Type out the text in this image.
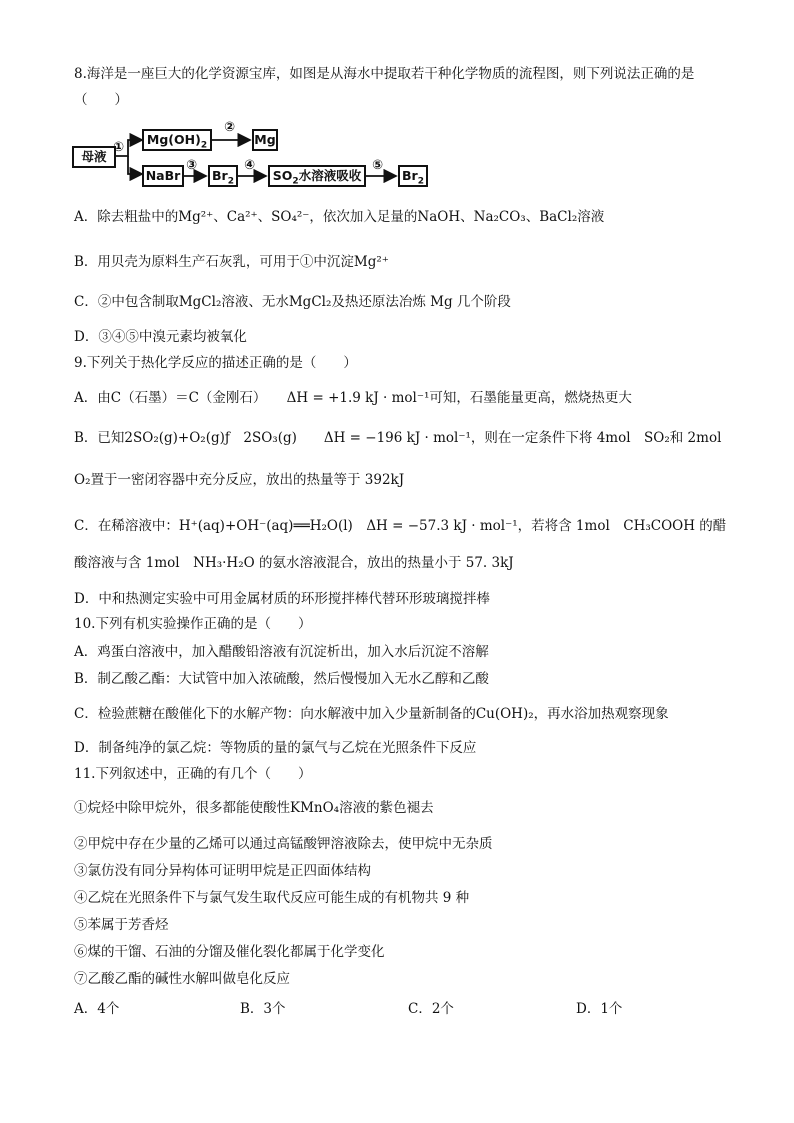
8.海洋是一座巨大的化学资源宝库，如图是从海水中提取若干种化学物质的流程图，则下列说法正确的是
（　　）
母液
$Mg(OH)_2$	Mg
NaBr	$Br_2$	$SO_2$水溶液吸收	$Br_2$
①
②
③	④	⑤
A．除去粗盐中的Mg²⁺、Ca²⁺、SO₄²⁻，依次加入足量的NaOH、Na₂CO₃、BaCl₂溶液
B．用贝壳为原料生产石灰乳，可用于①中沉淀Mg²⁺
C．②中包含制取MgCl₂溶液、无水MgCl₂及热还原法冶炼 Mg 几个阶段
D．③④⑤中溴元素均被氧化
9.下列关于热化学反应的描述正确的是（　　）
A．由C（石墨）＝C（金刚石）　　ΔH = +1.9 kJ · mol⁻¹可知，石墨能量更高，燃烧热更大
B．已知2SO₂(g)+O₂(g)ƒ　2SO₃(g)　　ΔH = −196 kJ · mol⁻¹，则在一定条件下将 4mol　SO₂和 2mol
O₂置于一密闭容器中充分反应，放出的热量等于 392kJ
C．在稀溶液中：H⁺(aq)+OH⁻(aq)══H₂O(l)　ΔH = −57.3 kJ · mol⁻¹，若将含 1mol　CH₃COOH 的醋
酸溶液与含 1mol　NH₃·H₂O 的氨水溶液混合，放出的热量小于 57. 3kJ
D．中和热测定实验中可用金属材质的环形搅拌棒代替环形玻璃搅拌棒
10.下列有机实验操作正确的是（　　）
A．鸡蛋白溶液中，加入醋酸铅溶液有沉淀析出，加入水后沉淀不溶解
B．制乙酸乙酯：大试管中加入浓硫酸，然后慢慢加入无水乙醇和乙酸
C．检验蔗糖在酸催化下的水解产物：向水解液中加入少量新制备的Cu(OH)₂，再水浴加热观察现象
D．制备纯净的氯乙烷：等物质的量的氯气与乙烷在光照条件下反应
11.下列叙述中，正确的有几个（　　）
①烷烃中除甲烷外，很多都能使酸性KMnO₄溶液的紫色褪去
②甲烷中存在少量的乙烯可以通过高锰酸钾溶液除去，使甲烷中无杂质
③氯仿没有同分异构体可证明甲烷是正四面体结构
④乙烷在光照条件下与氯气发生取代反应可能生成的有机物共 9 种
⑤苯属于芳香烃
⑥煤的干馏、石油的分馏及催化裂化都属于化学变化
⑦乙酸乙酯的碱性水解叫做皂化反应
A．4个	B．3个	C．2个	D．1个
